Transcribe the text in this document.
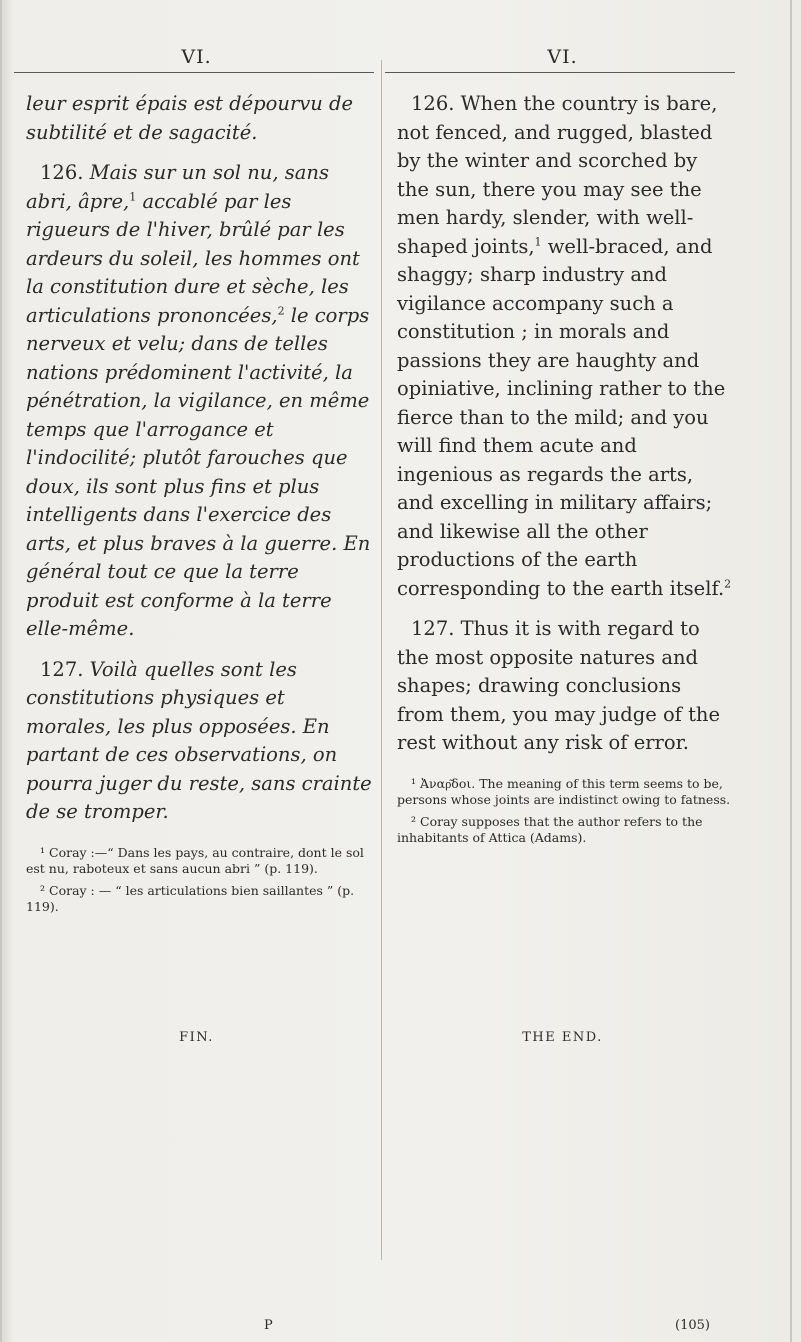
VI.

leur esprit épais est dépourvu de subtilité et de sagacité.

126. Mais sur un sol nu, sans abri, âpre,$^1$ accablé par les rigueurs de l'hiver, brûlé par les ardeurs du soleil, les hommes ont la constitution dure et sèche, les articulations prononcées,$^2$ le corps nerveux et velu; dans de telles nations prédominent l'activité, la pénétration, la vigilance, en même temps que l'arrogance et l'indocilité; plutôt farouches que doux, ils sont plus fins et plus intelligents dans l'exercice des arts, et plus braves à la guerre. En général tout ce que la terre produit est conforme à la terre elle-même.

127. Voilà quelles sont les constitutions physiques et morales, les plus opposées. En partant de ces observations, on pourra juger du reste, sans crainte de se tromper.

¹ Coray :—“ Dans les pays, au contraire, dont le sol est nu, raboteux et sans aucun abri ” (p. 119).

² Coray : — “ les articulations bien saillantes ” (p. 119).

FIN.
P
VI.

126. When the country is bare, not fenced, and rugged, blasted by the winter and scorched by the sun, there you may see the men hardy, slender, with well-shaped joints,$^1$ well-braced, and shaggy; sharp industry and vigilance accompany such a constitution ; in morals and passions they are haughty and opiniative, inclining rather to the fierce than to the mild; and you will find them acute and ingenious as regards the arts, and excelling in military affairs; and likewise all the other productions of the earth corresponding to the earth itself.$^2$

127. Thus it is with regard to the most opposite natures and shapes; drawing conclusions from them, you may judge of the rest without any risk of error.

¹ Ἀναρ͂δοι. The meaning of this term seems to be, persons whose joints are indistinct owing to fatness.

² Coray supposes that the author refers to the inhabitants of Attica (Adams).

THE END.
(105)
